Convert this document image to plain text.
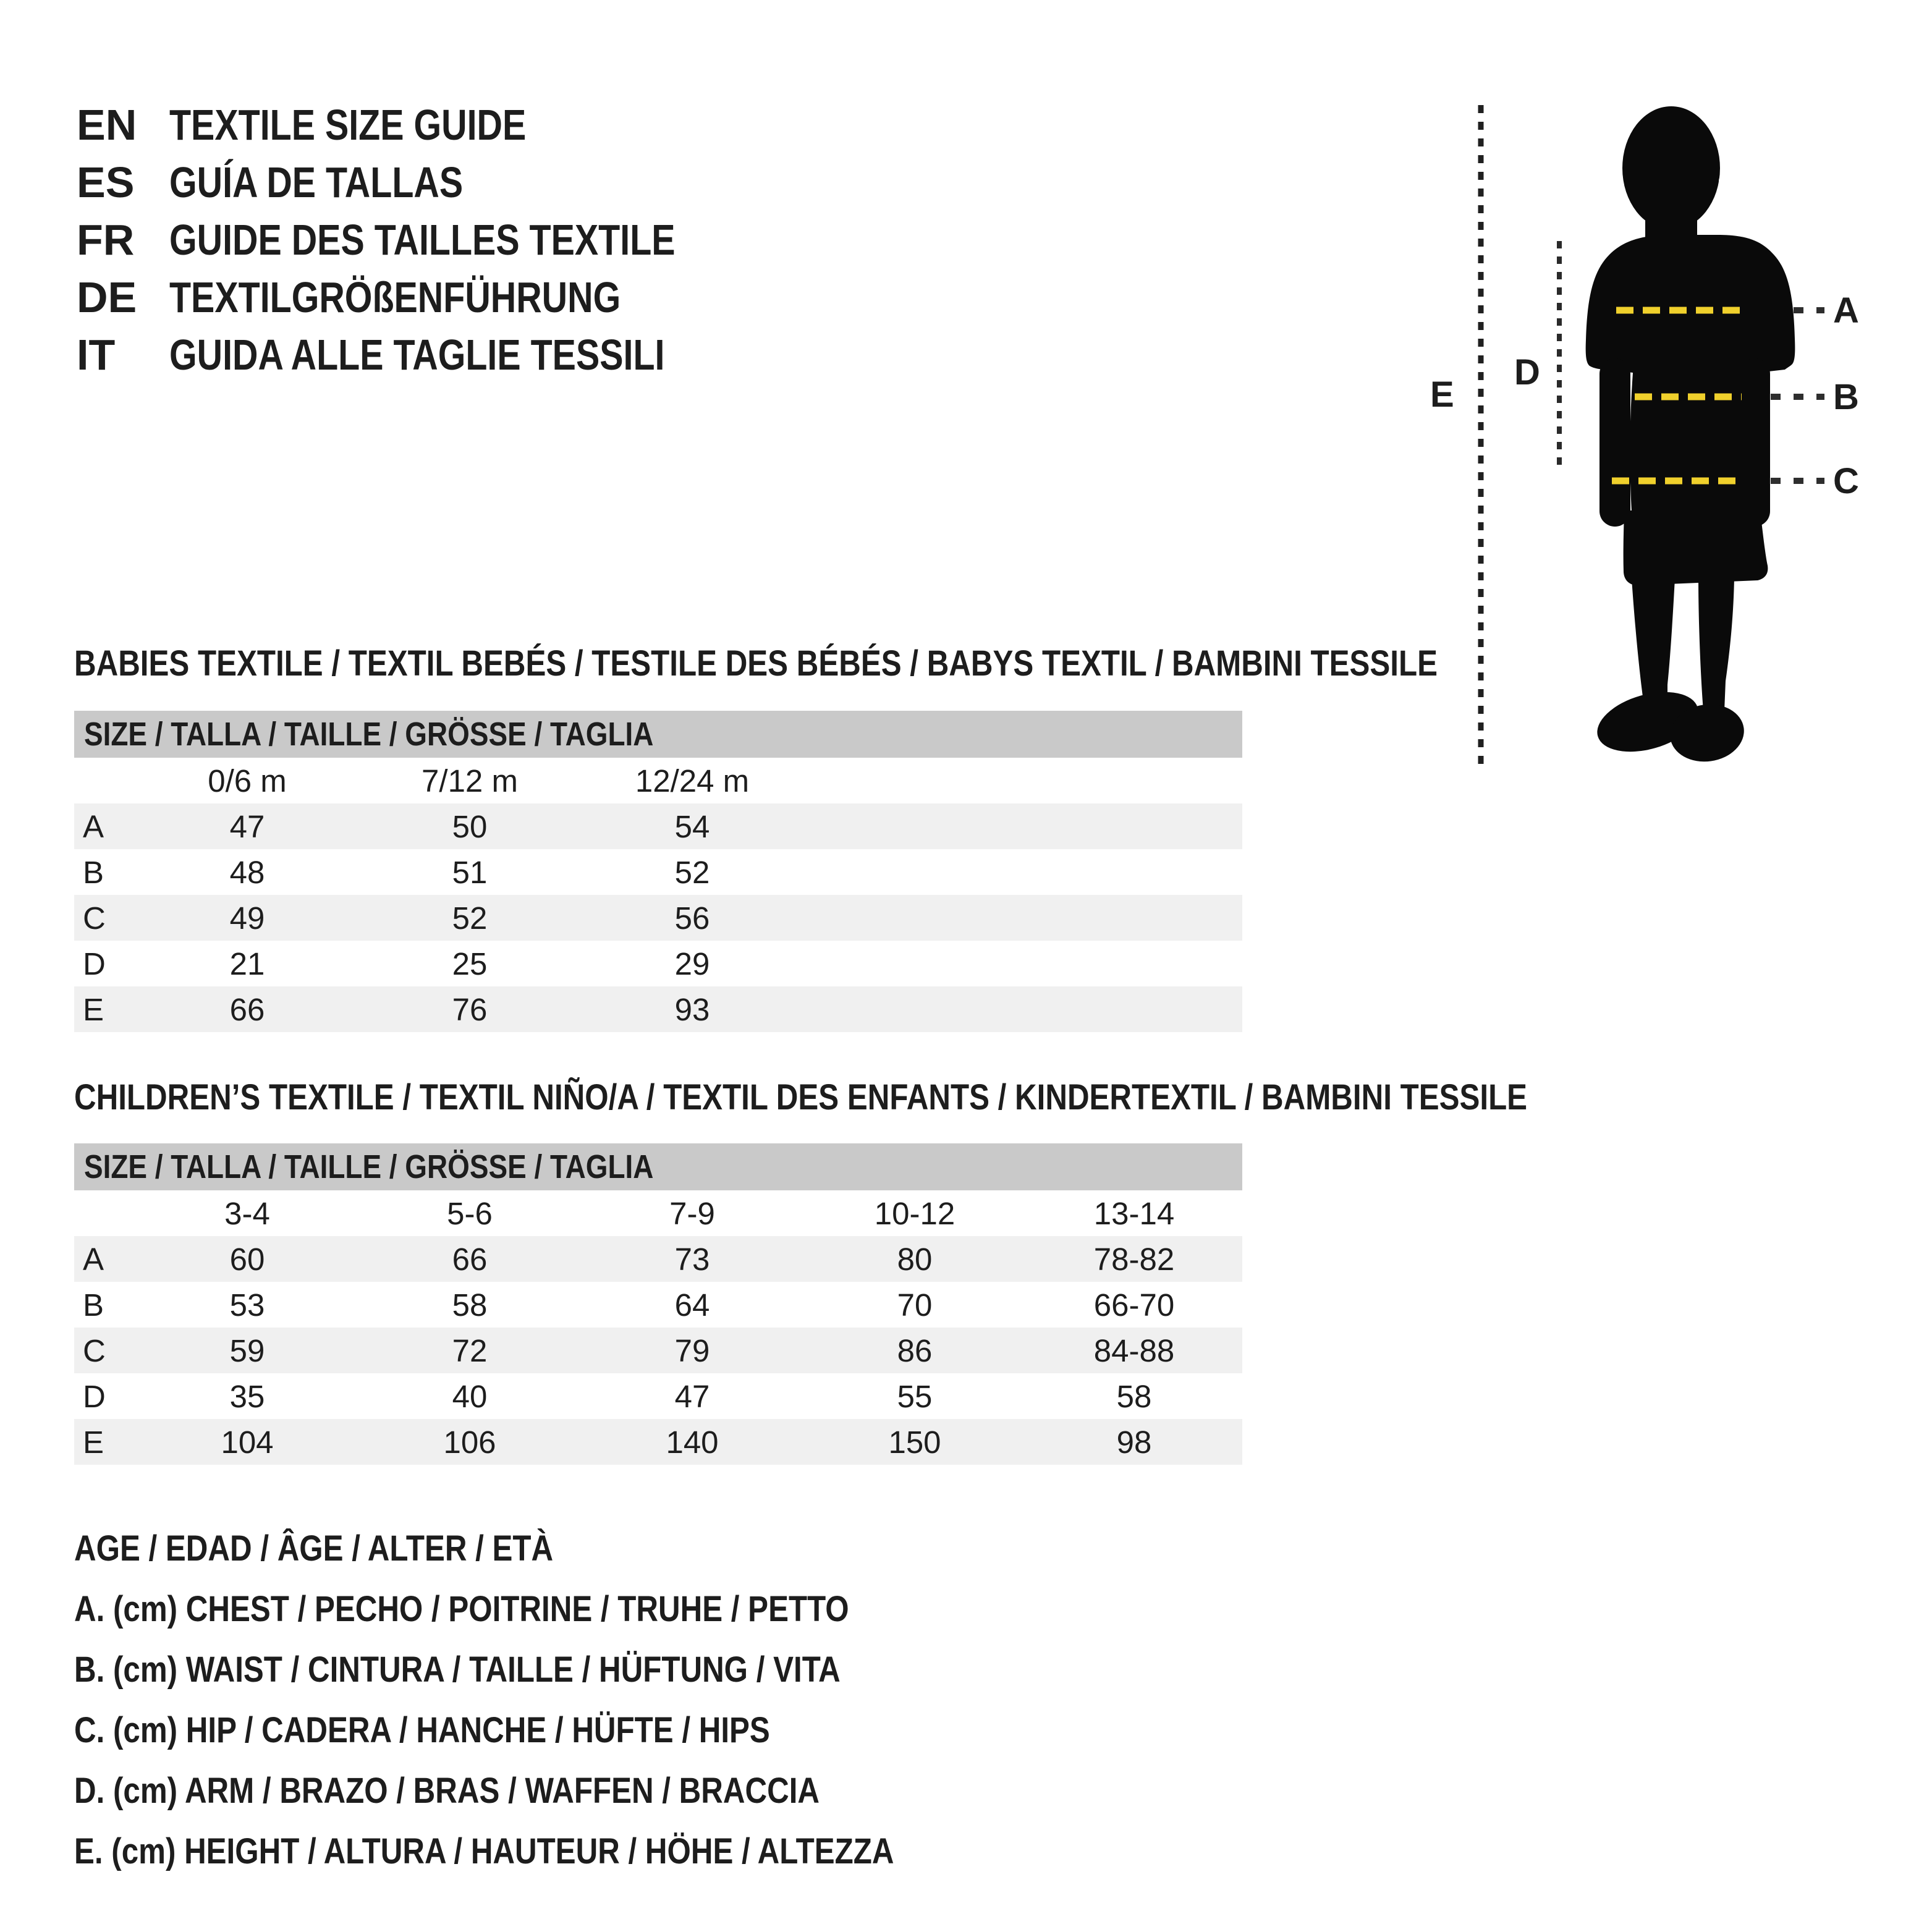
EN TEXTILE SIZE GUIDE
ES GUÍA DE TALLAS
FR GUIDE DES TAILLES TEXTILE
DE TEXTILGRÖßENFÜHRUNG
IT	GUIDA ALLE TAGLIE TESSILI
E
D
A
B
C
BABIES TEXTILE / TEXTIL BEBÉS / TESTILE DES BÉBÉS / BABYS TEXTIL / BAMBINI TESSILE
SIZE / TALLA / TAILLE / GRÖSSE / TAGLIA
	0/6 m	7/12 m	12/24 m	
A	47	50	54	
B	48	51	52	
C	49	52	56	
D	21	25	29	
E	66	76	93	
CHILDREN’S TEXTILE / TEXTIL NIÑO/A / TEXTIL DES ENFANTS / KINDERTEXTIL / BAMBINI TESSILE
SIZE / TALLA / TAILLE / GRÖSSE / TAGLIA
	3-4	5-6	7-9	10-12	13-14
A	60	66	73	80	78-82
B	53	58	64	70	66-70
C	59	72	79	86	84-88
D	35	40	47	55	58
E	104	106	140	150	98
AGE / EDAD / ÂGE / ALTER / ETÀ
A. (cm) CHEST / PECHO / POITRINE / TRUHE / PETTO
B. (cm) WAIST / CINTURA / TAILLE / HÜFTUNG / VITA
C. (cm) HIP / CADERA / HANCHE / HÜFTE / HIPS
D. (cm) ARM / BRAZO / BRAS / WAFFEN / BRACCIA
E. (cm) HEIGHT / ALTURA / HAUTEUR / HÖHE / ALTEZZA
